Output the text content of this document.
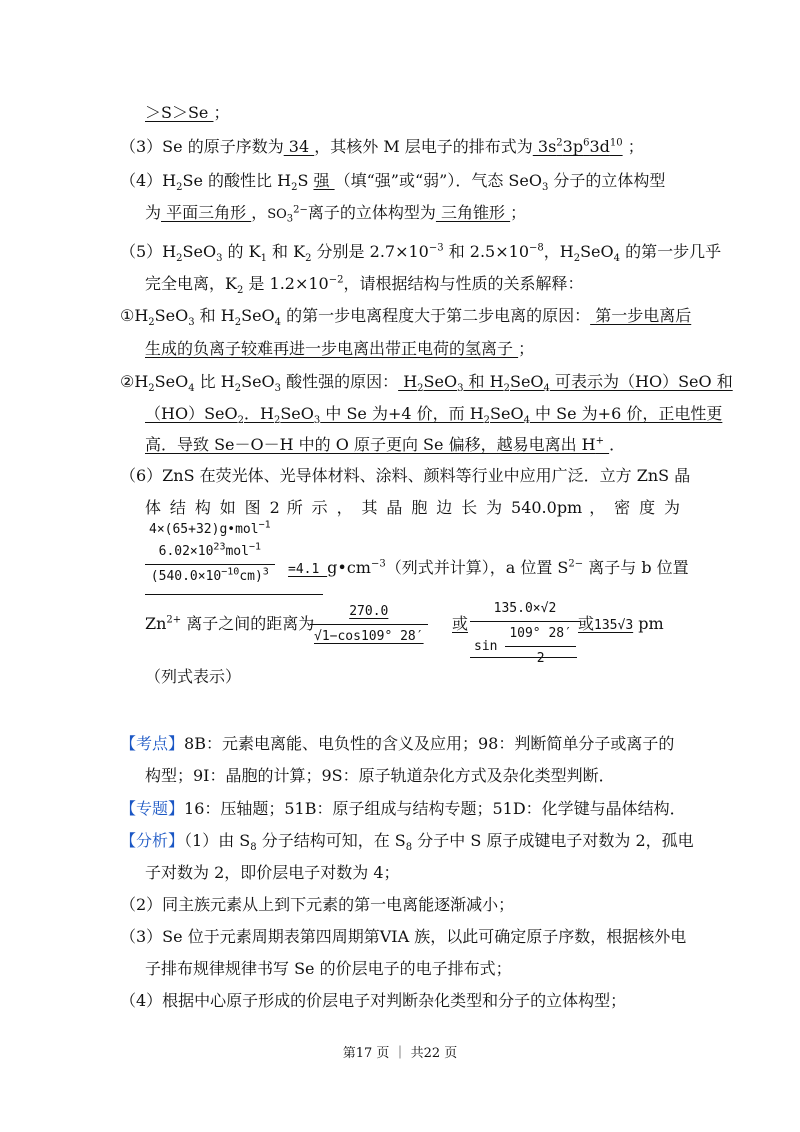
＞S＞Se ；
（3）Se 的原子序数为 34 ，其核外 M 层电子的排布式为 $3s^23p^63d^{10}$ ；
$(4)H_2Se$ 的酸性比 $H_2S$ 强 （填“强”或“弱”）．气态 SeO$_3$ 分子的立体构型
为 平面三角形 ，$SO_3^{2-}$离子的立体构型为 三角锥形 ；
$(5)H_2SeO_3$ 的 $K_1$ 和 $K_2$ 分别是 $2.7\times 10^{-3}$ 和 $2.5\times 10^{-8}$，$H_2SeO_4$ 的第一步几乎
完全电离，$K_2$ 是 $1.2\times 10^{-2}$，请根据结构与性质的关系解释：
$①H_2SeO_3$ 和 $H_2SeO_4$ 的第一步电离程度大于第二步电离的原因： 第一步电离后
生成的负离子较难再进一步电离出带正电荷的氢离子 ；
$②H_2SeO_4$ 比 $H_2SeO_3$ 酸性强的原因： $H_2SeO_3$ 和 $H_2SeO_4$ 可表示为（HO）SeO 和
（HO）SeO$_2$．$H_2SeO_3$ 中 Se 为+4 价，而 $H_2SeO_4$ 中 Se 为+6 价，正电性更
高．导致 Se－O－H 中的 O 原子更向 Se 偏移，越易电离出 H+ ．
（6）ZnS 在荧光体、光导体材料、涂料、颜料等行业中应用广泛．立方 ZnS 晶
体 结 构 如 图 2 所 示 ， 其 晶 胞 边 长 为 540.0pm ， 密 度 为
4×(65+32)g•mol$^{-1}$
$6.02\times 10^{23}mol^{-1}$
$(540.0\times 10^{-10}cm)^3$	=4.1 $g•cm^{-3}$（列式并计算），a 位置 $S^{2-}$ 离子与 b 位置
$Zn^{2+}$ 离子之间的距离为
$\frac{270.0}{√1-\cos 109^\circ 28'}$ 或 $\frac{135.0\times√2}{\sin \frac{109^\circ 28'}{2}}$
或135√3 pm
（列式表示）
【考点】8B：元素电离能、电负性的含义及应用；98：判断简单分子或离子的
构型；9I：晶胞的计算；9S：原子轨道杂化方式及杂化类型判断．
【专题】16：压轴题；51B：原子组成与结构专题；51D：化学键与晶体结构．
【分析】（1）由 $S_8$ 分子结构可知，在 $S_8$ 分子中 S 原子成键电子对数为 2，孤电
子对数为 2，即价层电子对数为 4；
（2）同主族元素从上到下元素的第一电离能逐渐减小；
（3）Se 位于元素周期表第四周期第VIA 族，以此可确定原子序数，根据核外电
子排布规律规律书写 Se 的价层电子的电子排布式；
（4）根据中心原子形成的价层电子对判断杂化类型和分子的立体构型；
第17 页 ｜ 共22 页
